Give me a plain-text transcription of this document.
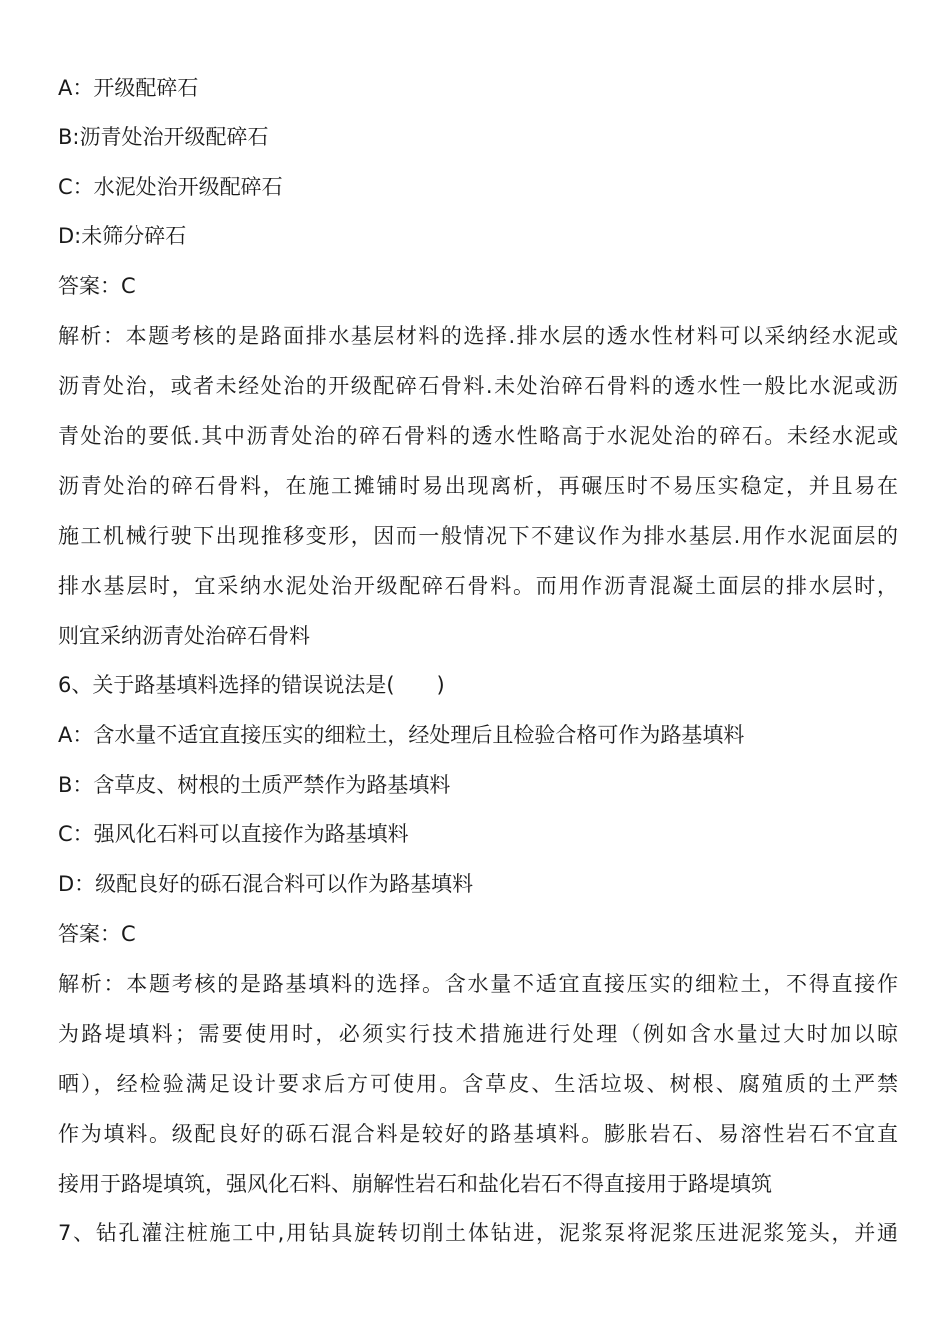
A：开级配碎石
B:沥青处治开级配碎石
C：水泥处治开级配碎石
D:未筛分碎石
答案：C
解析：本题考核的是路面排水基层材料的选择.排水层的透水性材料可以采纳经水泥或
沥青处治，或者未经处治的开级配碎石骨料.未处治碎石骨料的透水性一般比水泥或沥
青处治的要低.其中沥青处治的碎石骨料的透水性略高于水泥处治的碎石。未经水泥或
沥青处治的碎石骨料，在施工摊铺时易出现离析，再碾压时不易压实稳定，并且易在
施工机械行驶下出现推移变形，因而一般情况下不建议作为排水基层.用作水泥面层的
排水基层时，宜采纳水泥处治开级配碎石骨料。而用作沥青混凝土面层的排水层时，
则宜采纳沥青处治碎石骨料
6、关于路基填料选择的错误说法是(　　)
A：含水量不适宜直接压实的细粒土，经处理后且检验合格可作为路基填料
B：含草皮、树根的土质严禁作为路基填料
C：强风化石料可以直接作为路基填料
D：级配良好的砾石混合料可以作为路基填料
答案：C
解析：本题考核的是路基填料的选择。含水量不适宜直接压实的细粒土，不得直接作
为路堤填料；需要使用时，必须实行技术措施进行处理（例如含水量过大时加以晾
晒），经检验满足设计要求后方可使用。含草皮、生活垃圾、树根、腐殖质的土严禁
作为填料。级配良好的砾石混合料是较好的路基填料。膨胀岩石、易溶性岩石不宜直
接用于路堤填筑，强风化石料、崩解性岩石和盐化岩石不得直接用于路堤填筑
7、钻孔灌注桩施工中,用钻具旋转切削土体钻进，泥浆泵将泥浆压进泥浆笼头，并通
